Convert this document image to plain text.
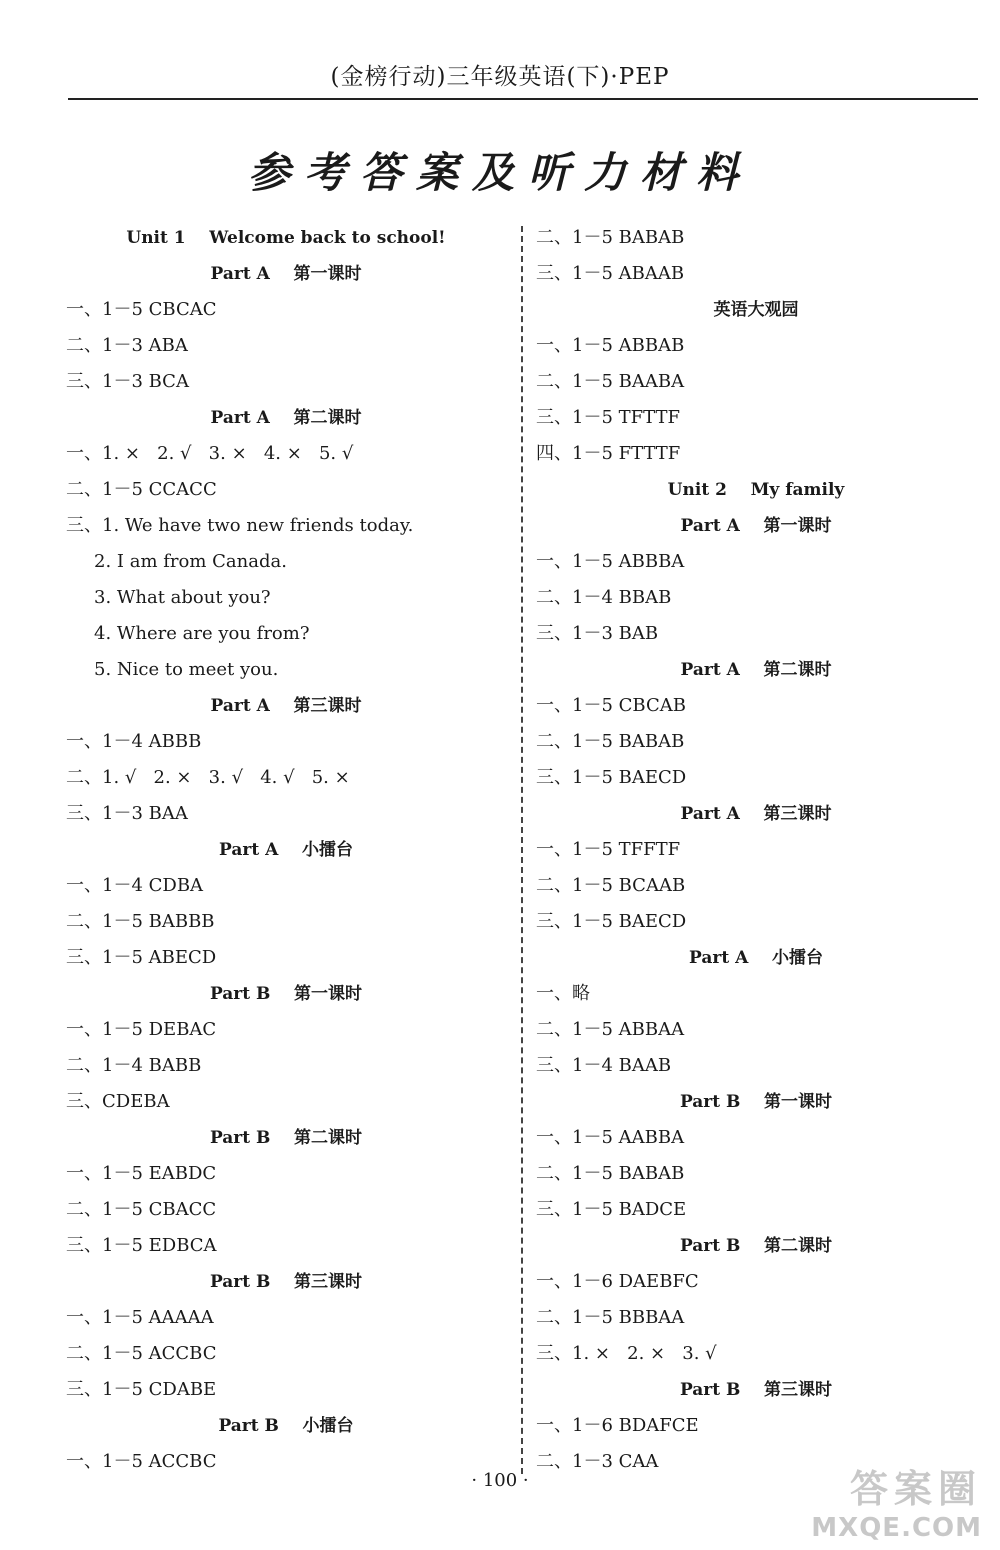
(金榜行动)三年级英语(下)·PEP
参考答案及听力材料
Unit 1    Welcome back to school!
Part A    第一课时
一、1－5 CBCAC
二、1－3 ABA
三、1－3 BCA
Part A    第二课时
一、1. ×   2. √   3. ×   4. ×   5. √
二、1－5 CCACC
三、1. We have two new friends today.
2. I am from Canada.
3. What about you?
4. Where are you from?
5. Nice to meet you.
Part A    第三课时
一、1－4 ABBB
二、1. √   2. ×   3. √   4. √   5. ×
三、1－3 BAA
Part A    小擂台
一、1－4 CDBA
二、1－5 BABBB
三、1－5 ABECD
Part B    第一课时
一、1－5 DEBAC
二、1－4 BABB
三、CDEBA
Part B    第二课时
一、1－5 EABDC
二、1－5 CBACC
三、1－5 EDBCA
Part B    第三课时
一、1－5 AAAAA
二、1－5 ACCBC
三、1－5 CDABE
Part B    小擂台
一、1－5 ACCBC
二、1－5 BABAB
三、1－5 ABAAB
英语大观园
一、1－5 ABBAB
二、1－5 BAABA
三、1－5 TFTTF
四、1－5 FTTTF
Unit 2    My family
Part A    第一课时
一、1－5 ABBBA
二、1－4 BBAB
三、1－3 BAB
Part A    第二课时
一、1－5 CBCAB
二、1－5 BABAB
三、1－5 BAECD
Part A    第三课时
一、1－5 TFFTF
二、1－5 BCAAB
三、1－5 BAECD
Part A    小擂台
一、略
二、1－5 ABBAA
三、1－4 BAAB
Part B    第一课时
一、1－5 AABBA
二、1－5 BABAB
三、1－5 BADCE
Part B    第二课时
一、1－6 DAEBFC
二、1－5 BBBAA
三、1. ×   2. ×   3. √
Part B    第三课时
一、1－6 BDAFCE
二、1－3 CAA
· 100 ·	答案圈
MXQE.COM
